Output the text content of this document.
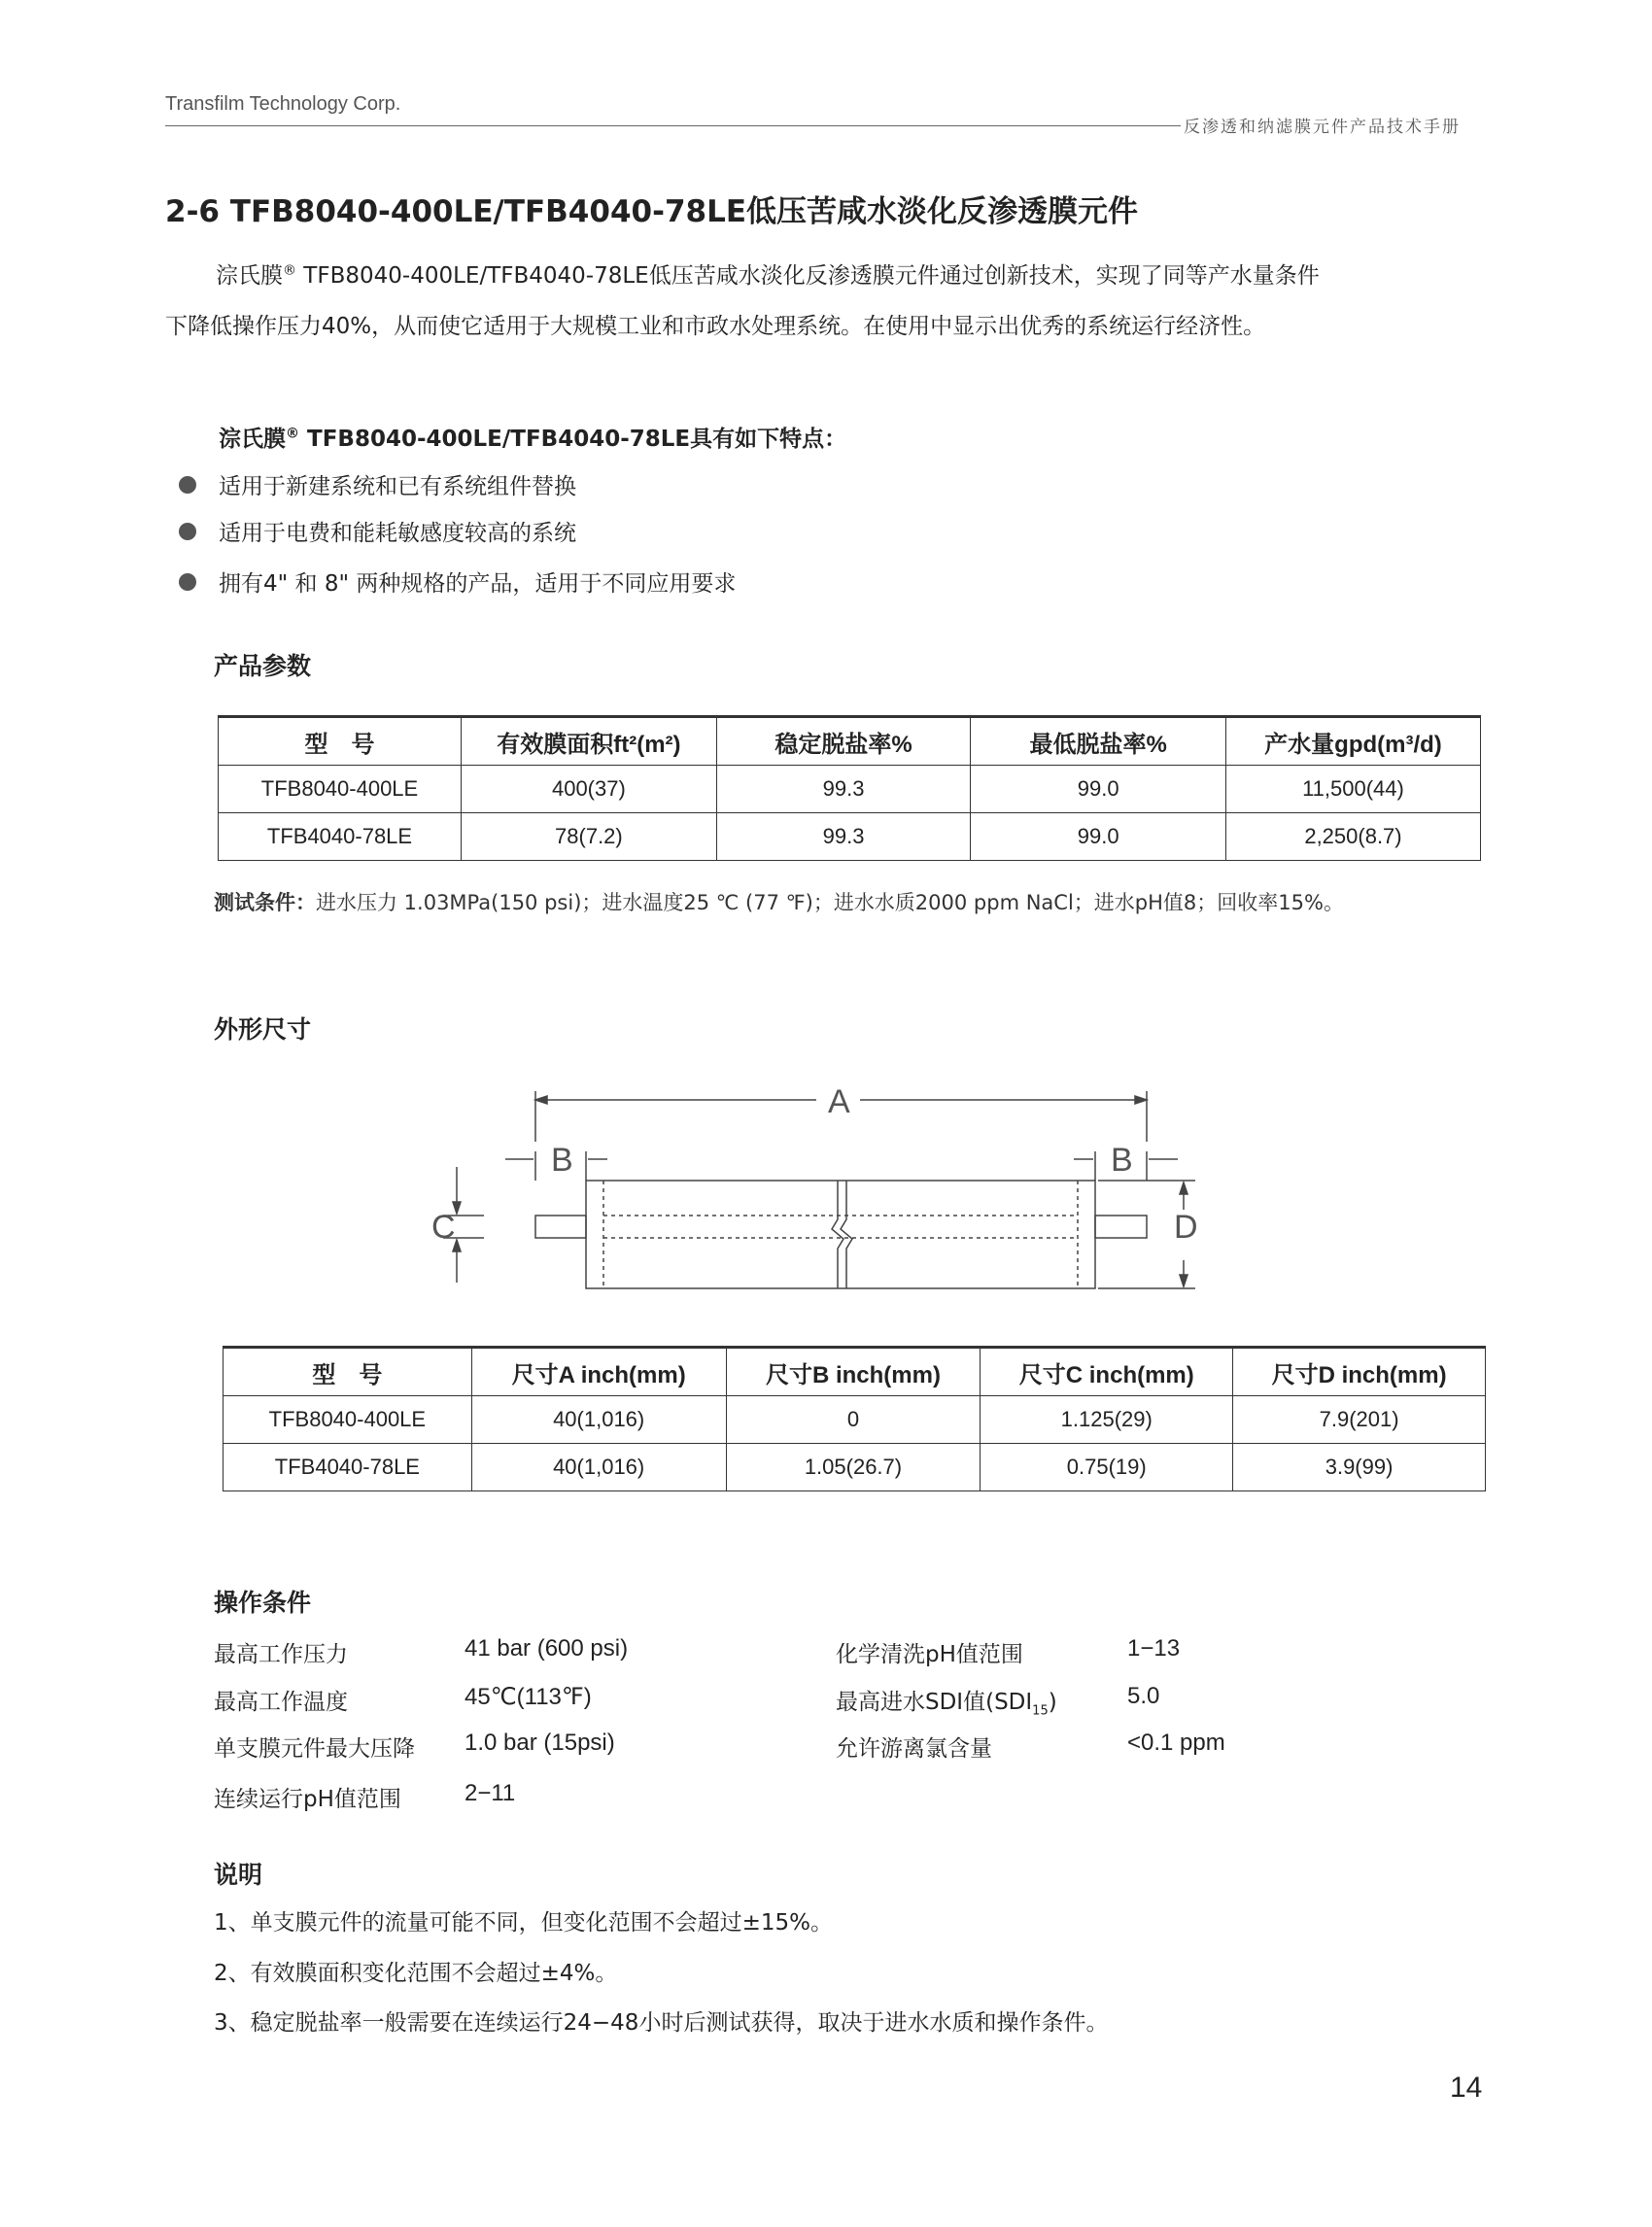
Transfilm Technology Corp.
反渗透和纳滤膜元件产品技术手册
2-6 TFB8040-400LE/TFB4040-78LE低压苦咸水淡化反渗透膜元件
淙氏膜® TFB8040-400LE/TFB4040-78LE低压苦咸水淡化反渗透膜元件通过创新技术，实现了同等产水量条件
下降低操作压力40%，从而使它适用于大规模工业和市政水处理系统。在使用中显示出优秀的系统运行经济性。
淙氏膜® TFB8040-400LE/TFB4040-78LE具有如下特点：
适用于新建系统和已有系统组件替换
适用于电费和能耗敏感度较高的系统
拥有4" 和 8" 两种规格的产品，适用于不同应用要求
产品参数
型　号	有效膜面积ft²(m²)	稳定脱盐率%	最低脱盐率%	产水量gpd(m³/d)
TFB8040-400LE	400(37)	99.3	99.0	11,500(44)
TFB4040-78LE	78(7.2)	99.3	99.0	2,250(8.7)
测试条件：进水压力 1.03MPa(150 psi)；进水温度25 ℃ (77 ℉)；进水水质2000 ppm NaCl；进水pH值8；回收率15%。
外形尺寸
A
B	B
C	D
型　号	尺寸A inch(mm)	尺寸B inch(mm)	尺寸C inch(mm)	尺寸D inch(mm)
TFB8040-400LE	40(1,016)	0	1.125(29)	7.9(201)
TFB4040-78LE	40(1,016)	1.05(26.7)	0.75(19)	3.9(99)
操作条件
最高工作压力	41 bar (600 psi)
最高工作温度	45℃(113℉)
单支膜元件最大压降 1.0 bar (15psi)
连续运行pH值范围	2−11
化学清洗pH值范围	1−13
最高进水SDI值$(SDI_{15})$	5.0
允许游离氯含量	<0.1 ppm
说明
1、单支膜元件的流量可能不同，但变化范围不会超过±15%。
2、有效膜面积变化范围不会超过±4%。
3、稳定脱盐率一般需要在连续运行24−48小时后测试获得，取决于进水水质和操作条件。
14
